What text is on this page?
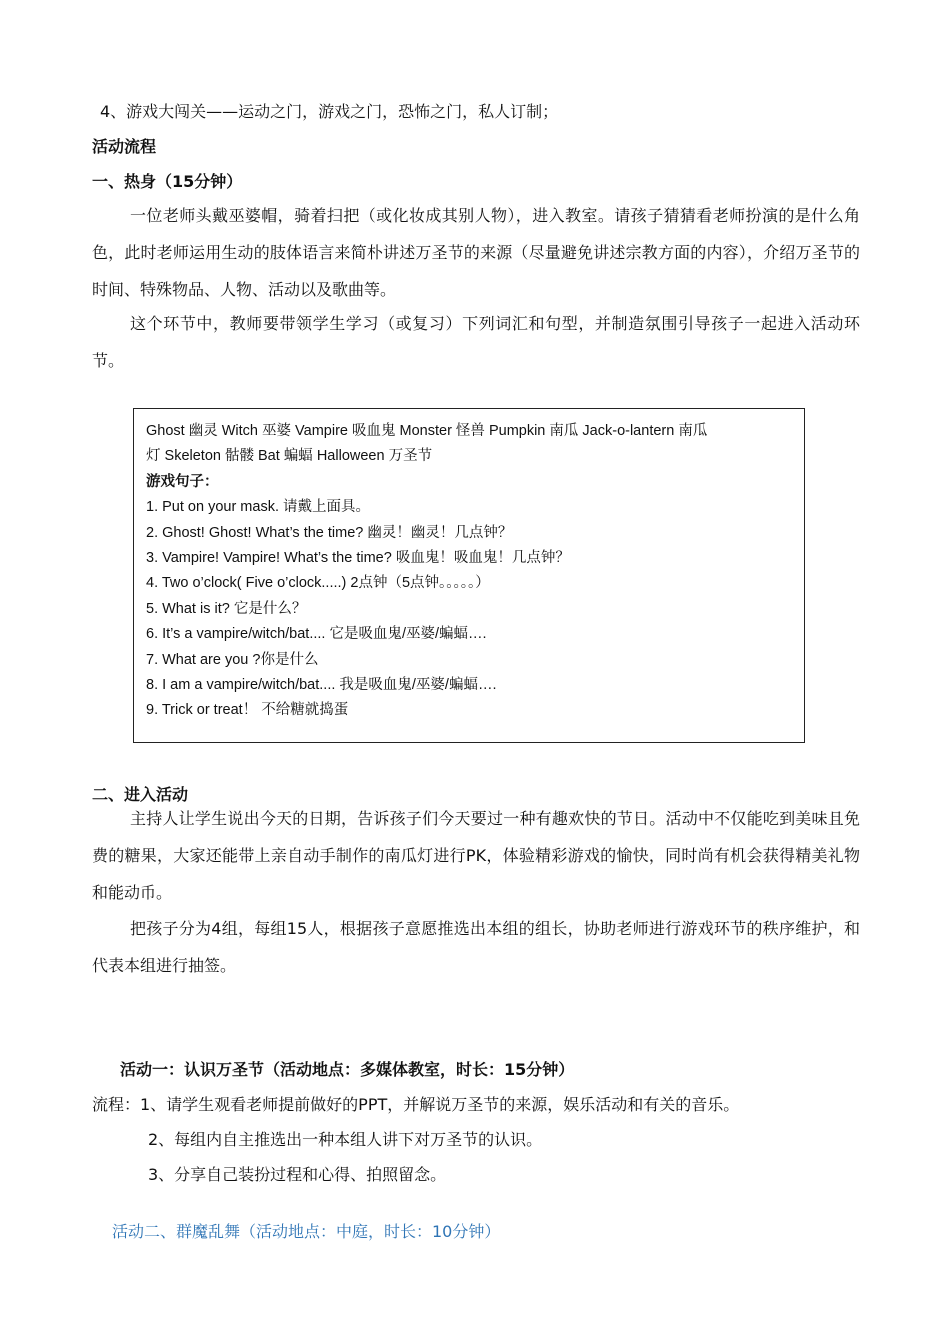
4、游戏大闯关——运动之门，游戏之门，恐怖之门，私人订制；
活动流程
一、热身（15分钟）
一位老师头戴巫婆帽，骑着扫把（或化妆成其别人物），进入教室。请孩子猜猜看老师扮演的是什么角色，此时老师运用生动的肢体语言来简朴讲述万圣节的来源（尽量避免讲述宗教方面的内容），介绍万圣节的时间、特殊物品、人物、活动以及歌曲等。
这个环节中，教师要带领学生学习（或复习）下列词汇和句型，并制造氛围引导孩子一起进入活动环节。
Ghost 幽灵 Witch 巫婆 Vampire 吸血鬼 Monster 怪兽 Pumpkin 南瓜 Jack-o-lantern 南瓜
灯 Skeleton 骷髅 Bat 蝙蝠 Halloween 万圣节
游戏句子：
1. Put on your mask. 请戴上面具。
2. Ghost! Ghost! What’s the time? 幽灵！幽灵！几点钟？
3. Vampire! Vampire! What’s the time? 吸血鬼！吸血鬼！几点钟？
4. Two o’clock( Five o’clock.....) 2点钟（5点钟。。。。。）
5. What is it? 它是什么？
6. It’s a vampire/witch/bat.... 它是吸血鬼/巫婆/蝙蝠….
7. What are you ?你是什么
8. I am a vampire/witch/bat.... 我是吸血鬼/巫婆/蝙蝠….
9. Trick or treat！ 不给糖就捣蛋
二、进入活动
主持人让学生说出今天的日期，告诉孩子们今天要过一种有趣欢快的节日。活动中不仅能吃到美味且免费的糖果，大家还能带上亲自动手制作的南瓜灯进行PK，体验精彩游戏的愉快，同时尚有机会获得精美礼物和能动币。
把孩子分为4组，每组15人，根据孩子意愿推选出本组的组长，协助老师进行游戏环节的秩序维护，和代表本组进行抽签。
活动一：认识万圣节（活动地点：多媒体教室，时长：15分钟）
流程：1、请学生观看老师提前做好的PPT，并解说万圣节的来源，娱乐活动和有关的音乐。
2、每组内自主推选出一种本组人讲下对万圣节的认识。
3、分享自己装扮过程和心得、拍照留念。
活动二、群魔乱舞（活动地点：中庭，时长：10分钟）
